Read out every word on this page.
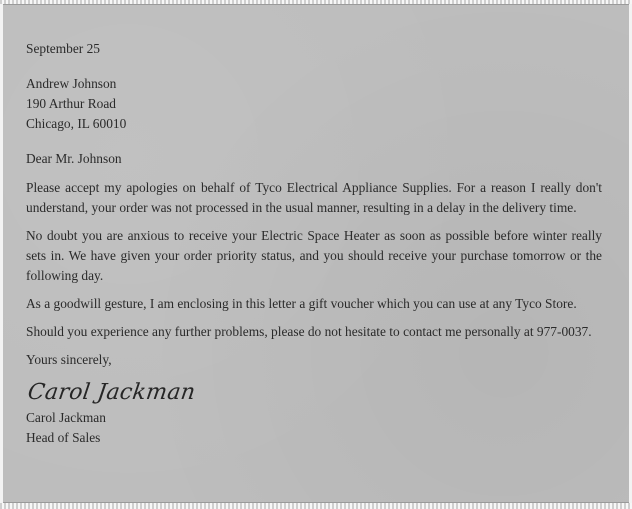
September 25
Andrew Johnson
190 Arthur Road
Chicago, IL 60010

Dear Mr. Johnson

Please accept my apologies on behalf of Tyco Electrical Appliance Supplies. For a reason I really don't understand, your order was not processed in the usual manner, resulting in a delay in the delivery time.

No doubt you are anxious to receive your Electric Space Heater as soon as possible before winter really sets in. We have given your order priority status, and you should receive your purchase tomorrow or the following day.

As a goodwill gesture, I am enclosing in this letter a gift voucher which you can use at any Tyco Store.

Should you experience any further problems, please do not hesitate to contact me personally at 977-0037.

Yours sincerely,

Carol Jackman
Carol Jackman
Head of Sales
